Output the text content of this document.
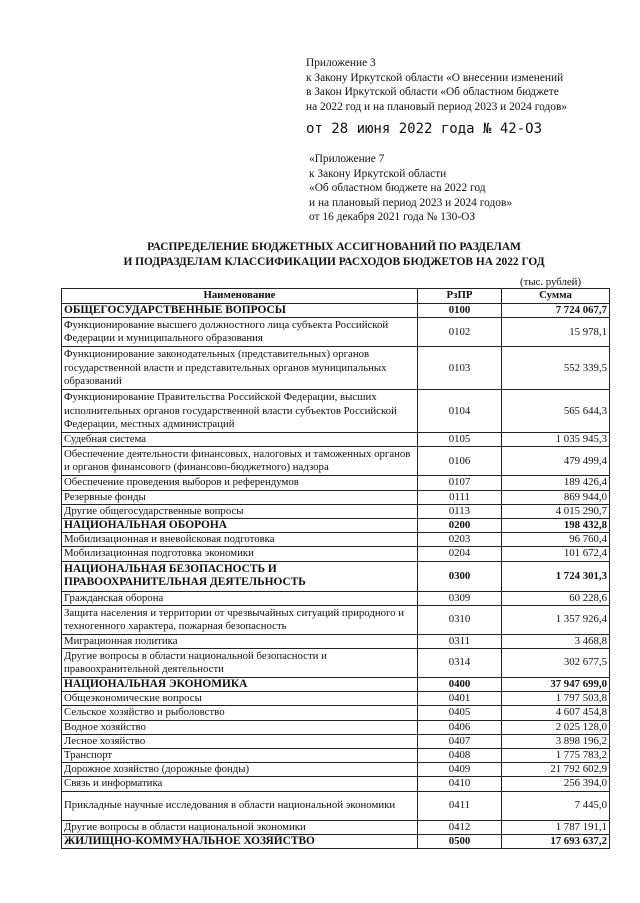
Приложение 3
к Закону Иркутской области «О внесении изменений
в Закон Иркутской области «Об областном бюджете
на 2022 год и на плановый период 2023 и 2024 годов»
от 28 июня 2022 года № 42-ОЗ
«Приложение 7
к Закону Иркутской области
«Об областном бюджете на 2022 год
и на плановый период 2023 и 2024 годов»
от 16 декабря 2021 года № 130-ОЗ
РАСПРЕДЕЛЕНИЕ БЮДЖЕТНЫХ АССИГНОВАНИЙ ПО РАЗДЕЛАМ
И ПОДРАЗДЕЛАМ КЛАССИФИКАЦИИ РАСХОДОВ БЮДЖЕТОВ НА 2022 ГОД
(тыс. рублей)
Наименование	РзПР	Сумма
ОБЩЕГОСУДАРСТВЕННЫЕ ВОПРОСЫ	0100	7 724 067,7
Функционирование высшего должностного лица субъекта Российской Федерации и муниципального образования	0102	15 978,1
Функционирование законодательных (представительных) органов государственной власти и представительных органов муниципальных образований	0103	552 339,5
Функционирование Правительства Российской Федерации, высших исполнительных органов государственной власти субъектов Российской Федерации, местных администраций	0104	565 644,3
Судебная система	0105	1 035 945,3
Обеспечение деятельности финансовых, налоговых и таможенных органов и органов финансового (финансово-бюджетного) надзора	0106	479 499,4
Обеспечение проведения выборов и референдумов	0107	189 426,4
Резервные фонды	0111	869 944,0
Другие общегосударственные вопросы	0113	4 015 290,7
НАЦИОНАЛЬНАЯ ОБОРОНА	0200	198 432,8
Мобилизационная и вневойсковая подготовка	0203	96 760,4
Мобилизационная подготовка экономики	0204	101 672,4
НАЦИОНАЛЬНАЯ БЕЗОПАСНОСТЬ И ПРАВООХРАНИТЕЛЬНАЯ ДЕЯТЕЛЬНОСТЬ	0300	1 724 301,3
Гражданская оборона	0309	60 228,6
Защита населения и территории от чрезвычайных ситуаций природного и техногенного характера, пожарная безопасность	0310	1 357 926,4
Миграционная политика	0311	3 468,8
Другие вопросы в области национальной безопасности и правоохранительной деятельности	0314	302 677,5
НАЦИОНАЛЬНАЯ ЭКОНОМИКА	0400	37 947 699,0
Общеэкономические вопросы	0401	1 797 503,8
Сельское хозяйство и рыболовство	0405	4 607 454,8
Водное хозяйство	0406	2 025 128,0
Лесное хозяйство	0407	3 898 196,2
Транспорт	0408	1 775 783,2
Дорожное хозяйство (дорожные фонды)	0409	21 792 602,9
Связь и информатика	0410	256 394,0
Прикладные научные исследования в области национальной экономики	0411	7 445,0
Другие вопросы в области национальной экономики	0412	1 787 191,1
ЖИЛИЩНО-КОММУНАЛЬНОЕ ХОЗЯЙСТВО	0500	17 693 637,2
